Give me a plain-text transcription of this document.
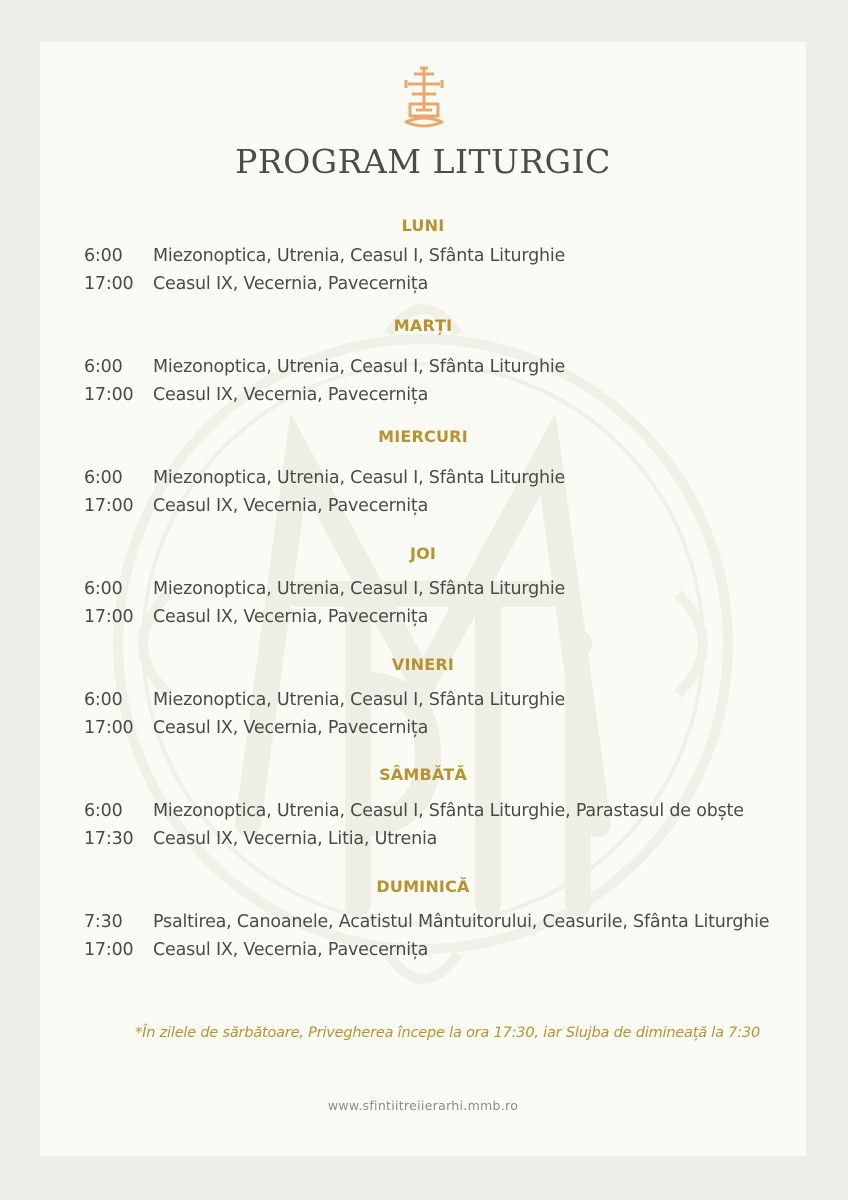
PROGRAM LITURGIC
LUNI
6:00	Miezonoptica, Utrenia, Ceasul I, Sfânta Liturghie
17:00	Ceasul IX, Vecernia, Pavecernița
MARȚI
6:00	Miezonoptica, Utrenia, Ceasul I, Sfânta Liturghie
17:00	Ceasul IX, Vecernia, Pavecernița
MIERCURI
6:00	Miezonoptica, Utrenia, Ceasul I, Sfânta Liturghie
17:00	Ceasul IX, Vecernia, Pavecernița
JOI
6:00	Miezonoptica, Utrenia, Ceasul I, Sfânta Liturghie
17:00	Ceasul IX, Vecernia, Pavecernița
VINERI
6:00	Miezonoptica, Utrenia, Ceasul I, Sfânta Liturghie
17:00	Ceasul IX, Vecernia, Pavecernița
SÂMBĂTĂ
6:00	Miezonoptica, Utrenia, Ceasul I, Sfânta Liturghie, Parastasul de obște
17:30	Ceasul IX, Vecernia, Litia, Utrenia
DUMINICĂ
7:30	Psaltirea, Canoanele, Acatistul Mântuitorului, Ceasurile, Sfânta Liturghie
17:00	Ceasul IX, Vecernia, Pavecernița
*În zilele de sărbătoare, Privegherea începe la ora 17:30, iar Slujba de dimineață la 7:30
www.sfintiitreiierarhi.mmb.ro
